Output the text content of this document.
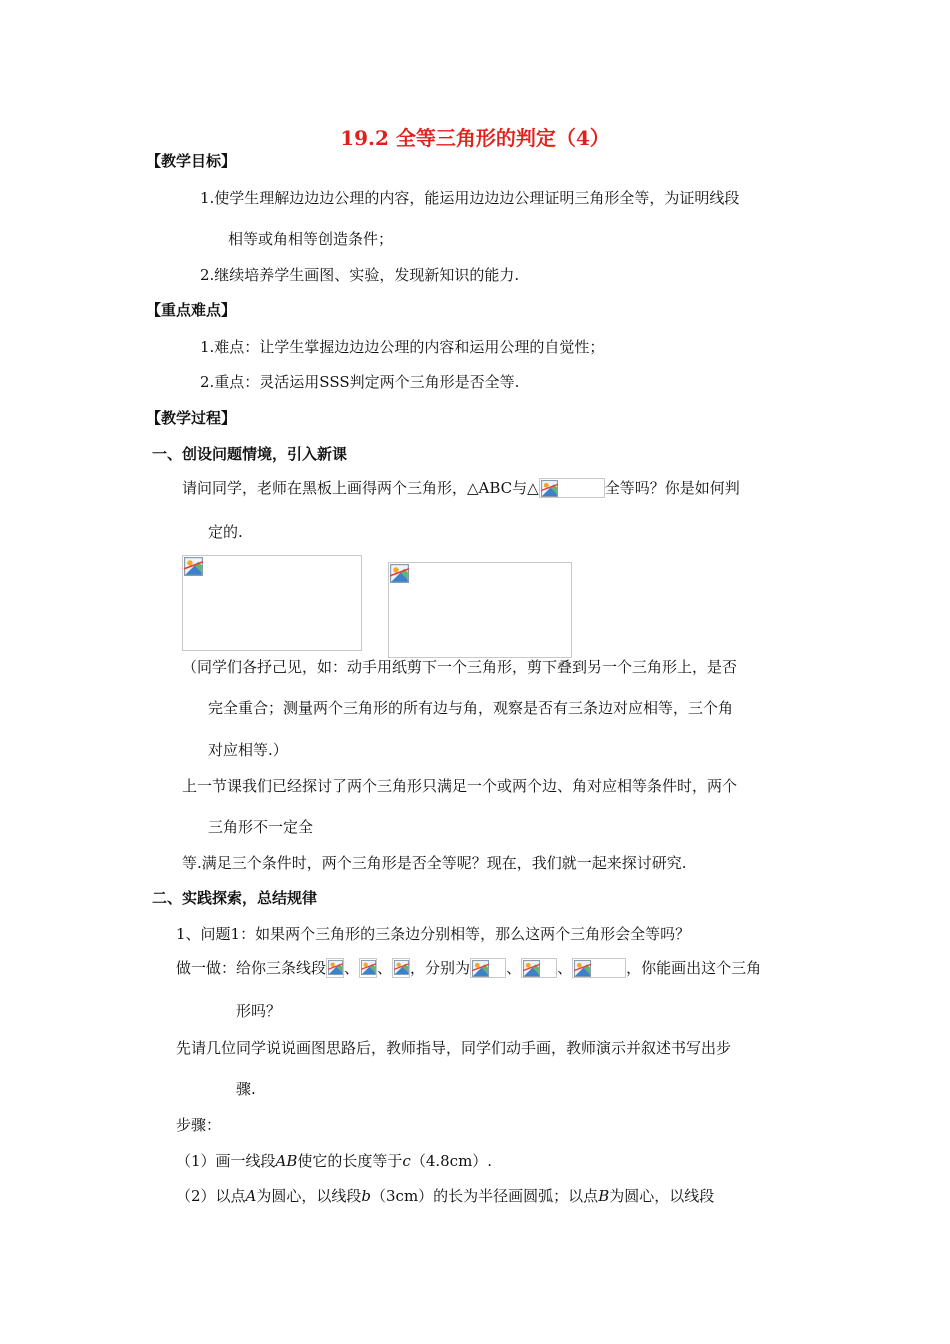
19.2 全等三角形的判定（4）
【教学目标】
1.使学生理解边边边公理的内容，能运用边边边公理证明三角形全等，为证明线段
相等或角相等创造条件；
2.继续培养学生画图、实验，发现新知识的能力.
【重点难点】
1.难点：让学生掌握边边边公理的内容和运用公理的自觉性；
2.重点：灵活运用SSS判定两个三角形是否全等.
【教学过程】
一、创设问题情境，引入新课
请问同学，老师在黑板上画得两个三角形，△ABC与△	全等吗？你是如何判
定的.
（同学们各抒己见，如：动手用纸剪下一个三角形，剪下叠到另一个三角形上，是否
完全重合；测量两个三角形的所有边与角，观察是否有三条边对应相等，三个角
对应相等.）
上一节课我们已经探讨了两个三角形只满足一个或两个边、角对应相等条件时，两个
三角形不一定全
等.满足三个条件时，两个三角形是否全等呢？现在，我们就一起来探讨研究.
二、实践探索，总结规律
1、问题1：如果两个三角形的三条边分别相等，那么这两个三角形会全等吗？
做一做：给你三条线段 、 、 ，分别为 、 、	，你能画出这个三角
形吗？
先请几位同学说说画图思路后，教师指导，同学们动手画，教师演示并叙述书写出步
骤.
步骤：
（1）画一线段AB使它的长度等于c（4.8cm）.
（2）以点A为圆心，以线段b（3cm）的长为半径画圆弧；以点B为圆心，以线段
